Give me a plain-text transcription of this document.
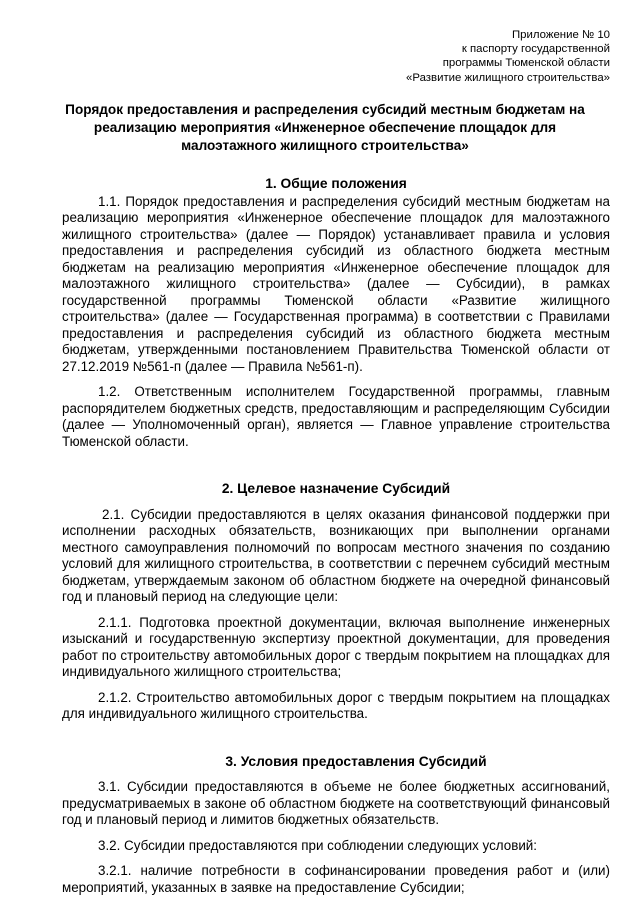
Приложение № 10
к паспорту государственной
программы Тюменской области
«Развитие жилищного строительства»
Порядок предоставления и распределения субсидий местным бюджетам на реализацию мероприятия «Инженерное обеспечение площадок для малоэтажного жилищного строительства»

1. Общие положения

1.1. Порядок предоставления и распределения субсидий местным бюджетам на реализацию мероприятия «Инженерное обеспечение площадок для малоэтажного жилищного строительства» (далее — Порядок) устанавливает правила и условия предоставления и распределения субсидий из областного бюджета местным бюджетам на реализацию мероприятия «Инженерное обеспечение площадок для малоэтажного жилищного строительства» (далее — Субсидии), в рамках государственной программы Тюменской области «Развитие жилищного строительства» (далее — Государственная программа) в соответствии с Правилами предоставления и распределения субсидий из областного бюджета местным бюджетам, утвержденными постановлением Правительства Тюменской области от 27.12.2019 №561-п (далее — Правила №561-п).

1.2. Ответственным исполнителем Государственной программы, главным распорядителем бюджетных средств, предоставляющим и распределяющим Субсидии (далее — Уполномоченный орган), является — Главное управление строительства Тюменской области.

2. Целевое назначение Субсидий

2.1. Субсидии предоставляются в целях оказания финансовой поддержки при исполнении расходных обязательств, возникающих при выполнении органами местного самоуправления полномочий по вопросам местного значения по созданию условий для жилищного строительства, в соответствии с перечнем субсидий местным бюджетам, утверждаемым законом об областном бюджете на очередной финансовый год и плановый период на следующие цели:

2.1.1. Подготовка проектной документации, включая выполнение инженерных изысканий и государственную экспертизу проектной документации, для проведения работ по строительству автомобильных дорог с твердым покрытием на площадках для индивидуального жилищного строительства;

2.1.2. Строительство автомобильных дорог с твердым покрытием на площадках для индивидуального жилищного строительства.

3. Условия предоставления Субсидий

3.1. Субсидии предоставляются в объеме не более бюджетных ассигнований, предусматриваемых в законе об областном бюджете на соответствующий финансовый год и плановый период и лимитов бюджетных обязательств.

3.2. Субсидии предоставляются при соблюдении следующих условий:

3.2.1. наличие потребности в софинансировании проведения работ и (или) мероприятий, указанных в заявке на предоставление Субсидии;
